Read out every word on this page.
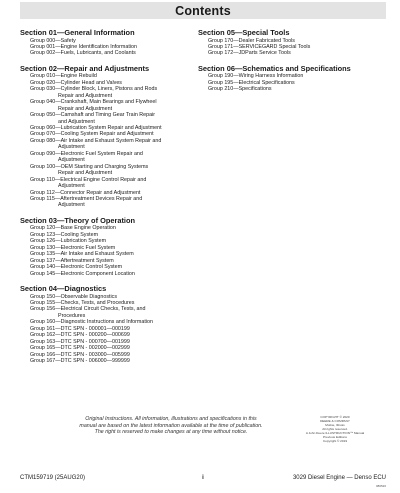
Contents
Section 01—General Information
Group 000—Safety
Group 001—Engine Identification Information
Group 002—Fuels, Lubricants, and Coolants
Section 02—Repair and Adjustments
Group 010—Engine Rebuild
Group 020—Cylinder Head and Valves
Group 030—Cylinder Block, Liners, Pistons and Rods
Repair and Adjustment
Group 040—Crankshaft, Main Bearings and Flywheel
Repair and Adjustment
Group 050—Camshaft and Timing Gear Train Repair
and Adjustment
Group 060—Lubrication System Repair and Adjustment
Group 070—Cooling System Repair and Adjustment
Group 080—Air Intake and Exhaust System Repair and
Adjustment
Group 090—Electronic Fuel System Repair and
Adjustment
Group 100—OEM Starting and Charging Systems
Repair and Adjustment
Group 110—Electrical Engine Control Repair and
Adjustment
Group 112—Connector Repair and Adjustment
Group 115—Aftertreatment Devices Repair and
Adjustment
Section 03—Theory of Operation
Group 120—Base Engine Operation
Group 123—Cooling System
Group 126—Lubrication System
Group 130—Electronic Fuel System
Group 135—Air Intake and Exhaust System
Group 137—Aftertreatment System
Group 140—Electronic Control System
Group 145—Electronic Component Location
Section 04—Diagnostics
Group 150—Observable Diagnostics
Group 155—Checks, Tests, and Procedures
Group 156—Electrical Circuit Checks, Tests, and
Procedures
Group 160—Diagnostic Instructions and Information
Group 161—DTC SPN - 000001—000199
Group 162—DTC SPN - 000200—000699
Group 163—DTC SPN - 000700—001999
Group 165—DTC SPN - 002000—002999
Group 166—DTC SPN - 003000—005999
Group 167—DTC SPN - 006000—999999
Section 05—Special Tools
Group 170—Dealer Fabricated Tools
Group 171—SERVICEGARD Special Tools
Group 172—JDParts Service Tools
Section 06—Schematics and Specifications
Group 190—Wiring Harness Information
Group 195—Electrical Specifications
Group 210—Specifications
Original Instructions. All information, illustrations and specifications in this
manual are based on the latest information available at the time of publication.
The right is reserved to make changes at any time without notice.
COPYRIGHT © 2020
DEERE & COMPANY
Moline, Illinois
All rights reserved.
A John Deere ILLUSTRUCTION™ Manual
Previous Editions
Copyright © 2019
CTM159719 (25AUG20)	i	3029 Diesel Engine — Denso ECU
080520
